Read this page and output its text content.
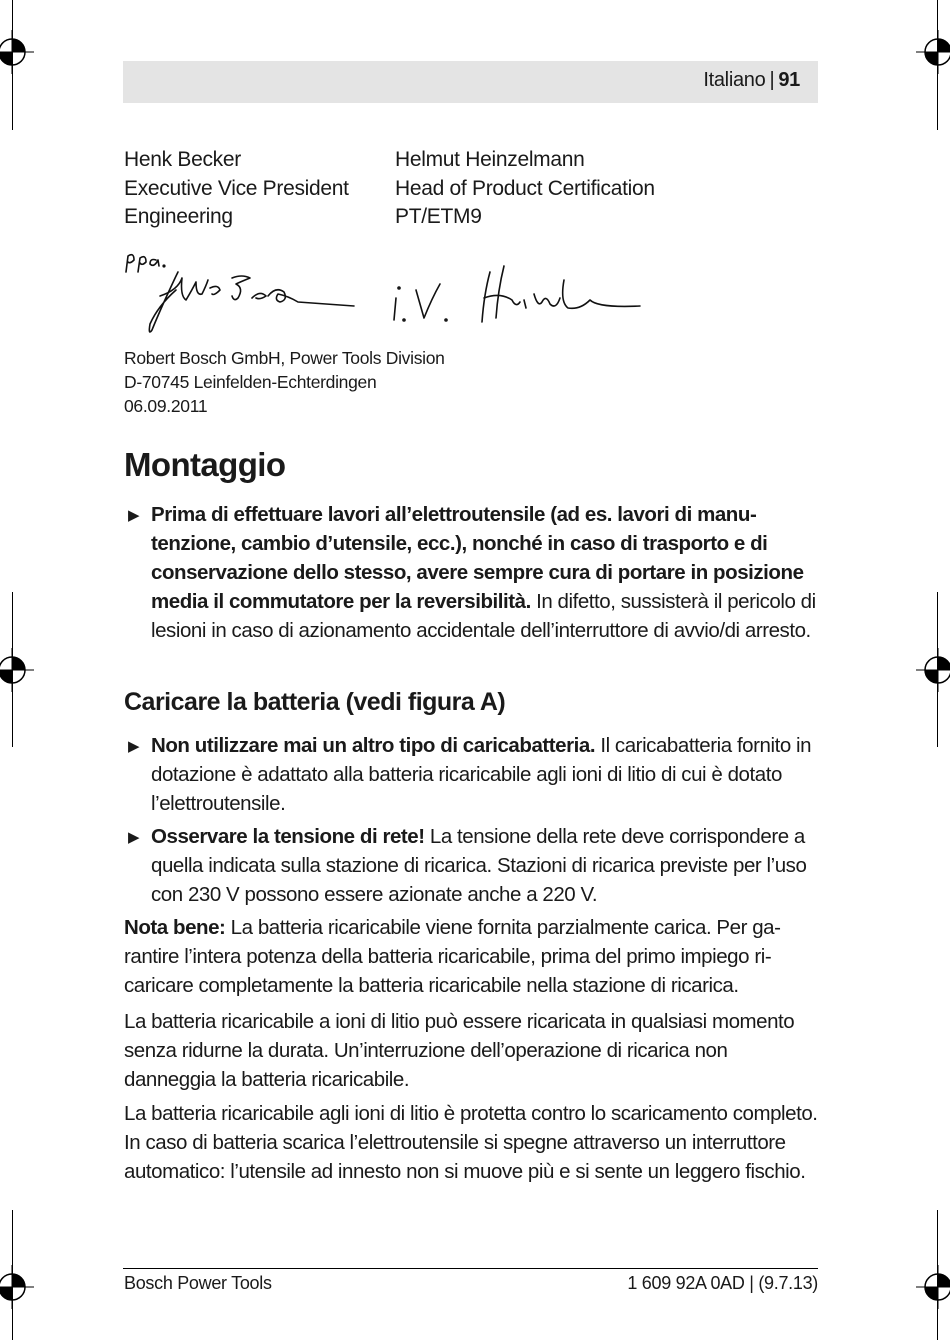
Italiano | 91
Henk Becker
Executive Vice President
Engineering
Helmut Heinzelmann
Head of Product Certification
PT/ETM9
Robert Bosch GmbH, Power Tools Division
D-70745 Leinfelden-Echterdingen
06.09.2011
Montaggio
▶ Prima di effettuare lavori all’elettroutensile (ad es. lavori di manutenzione, cambio d’utensile, ecc.), nonché in caso di trasporto e di conservazione dello stesso, avere sempre cura di portare in posizione media il commutatore per la reversibilità. In difetto, sussisterà il pericolo di lesioni in caso di azionamento accidentale dell’interruttore di avvio/di arresto.
Caricare la batteria (vedi figura A)
▶ Non utilizzare mai un altro tipo di caricabatteria. Il caricabatteria fornito in dotazione è adattato alla batteria ricaricabile agli ioni di litio di cui è dotato l’elettroutensile.
▶ Osservare la tensione di rete! La tensione della rete deve corrispondere a quella indicata sulla stazione di ricarica. Stazioni di ricarica previste per l’uso con 230 V possono essere azionate anche a 220 V.

Nota bene: La batteria ricaricabile viene fornita parzialmente carica. Per garantire l’intera potenza della batteria ricaricabile, prima del primo impiego ricaricare completamente la batteria ricaricabile nella stazione di ricarica.

La batteria ricaricabile a ioni di litio può essere ricaricata in qualsiasi momento senza ridurne la durata. Un’interruzione dell’operazione di ricarica non danneggia la batteria ricaricabile.

La batteria ricaricabile agli ioni di litio è protetta contro lo scaricamento completo. In caso di batteria scarica l’elettroutensile si spegne attraverso un interruttore automatico: l’utensile ad innesto non si muove più e si sente un leggero fischio.

Bosch Power Tools	1 609 92A 0AD | (9.7.13)
